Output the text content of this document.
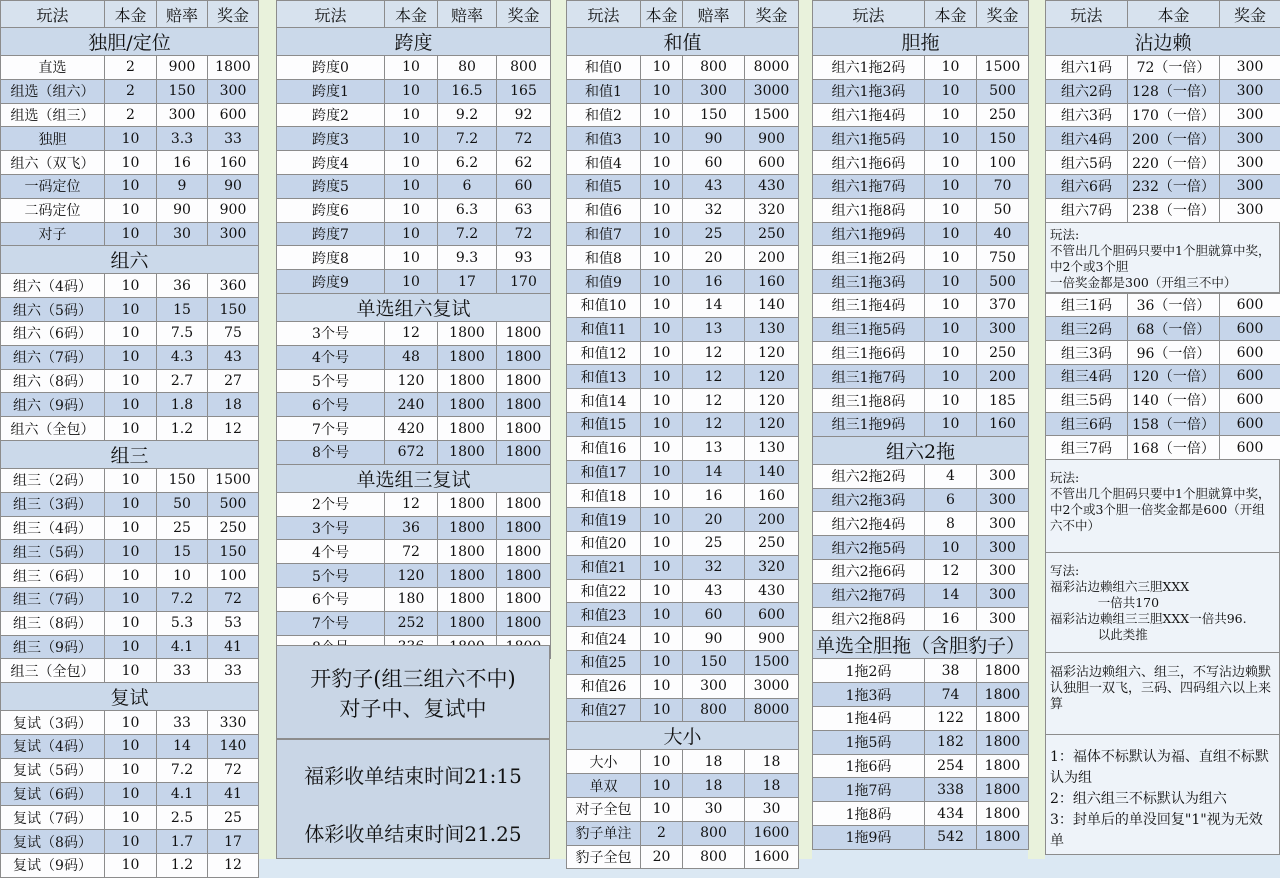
玩法	本金	赔率	奖金
独胆/定位			
直选	2	900	1800
组选（组六）	2	150	300
组选（组三）	2	300	600
独胆	10	3.3	33
组六（双飞）	10	16	160
一码定位	10	9	90
二码定位	10	90	900
对子	10	30	300
组六			
组六（4码）	10	36	360
组六（5码）	10	15	150
组六（6码）	10	7.5	75
组六（7码）	10	4.3	43
组六（8码）	10	2.7	27
组六（9码）	10	1.8	18
组六（全包）	10	1.2	12
组三			
组三（2码）	10	150	1500
组三（3码）	10	50	500
组三（4码）	10	25	250
组三（5码）	10	15	150
组三（6码）	10	10	100
组三（7码）	10	7.2	72
组三（8码）	10	5.3	53
组三（9码）	10	4.1	41
组三（全包）	10	33	33
复试			
复试（3码）	10	33	330
复试（4码）	10	14	140
复试（5码）	10	7.2	72
复试（6码）	10	4.1	41
复试（7码）	10	2.5	25
复试（8码）	10	1.7	17
复试（9码）	10	1.2	12
玩法	本金	赔率	奖金
跨度			
跨度0	10	80	800
跨度1	10	16.5	165
跨度2	10	9.2	92
跨度3	10	7.2	72
跨度4	10	6.2	62
跨度5	10	6	60
跨度6	10	6.3	63
跨度7	10	7.2	72
跨度8	10	9.3	93
跨度9	10	17	170
单选组六复试			
3个号	12	1800	1800
4个号	48	1800	1800
5个号	120	1800	1800
6个号	240	1800	1800
7个号	420	1800	1800
8个号	672	1800	1800
单选组三复试			
2个号	12	1800	1800
3个号	36	1800	1800
4个号	72	1800	1800
5个号	120	1800	1800
6个号	180	1800	1800
7个号	252	1800	1800

玩法	本金	赔率	奖金
和值			
和值0	10	800	8000
和值1	10	300	3000
和值2	10	150	1500
和值3	10	90	900
和值4	10	60	600
和值5	10	43	430
和值6	10	32	320
和值7	10	25	250
和值8	10	20	200
和值9	10	16	160
和值10	10	14	140
和值11	10	13	130
和值12	10	12	120
和值13	10	12	120
和值14	10	12	120
和值15	10	12	120
和值16	10	13	130
和值17	10	14	140
和值18	10	16	160
和值19	10	20	200
和值20	10	25	250
和值21	10	32	320
和值22	10	43	430
和值23	10	60	600
和值24	10	90	900
和值25	10	150	1500
和值26	10	300	3000
和值27	10	800	8000
大小			
大小	10	18	18
单双	10	18	18
对子全包	10	30	30
豹子单注	2	800	1600
豹子全包	20	800	1600
玩法	本金	奖金
胆拖		
组六1拖2码	10	1500
组六1拖3码	10	500
组六1拖4码	10	250
组六1拖5码	10	150
组六1拖6码	10	100
组六1拖7码	10	70
组六1拖8码	10	50
组六1拖9码	10	40
组三1拖2码	10	750
组三1拖3码	10	500
组三1拖4码	10	370
组三1拖5码	10	300
组三1拖6码	10	250
组三1拖7码	10	200
组三1拖8码	10	185
组三1拖9码	10	160
组六2拖		
组六2拖2码	4	300
组六2拖3码	6	300
组六2拖4码	8	300
组六2拖5码	10	300
组六2拖6码	12	300
组六2拖7码	14	300
组六2拖8码	16	300
单选全胆拖（含胆豹子）		
1拖2码	38	1800
1拖3码	74	1800
1拖4码	122	1800
1拖5码	182	1800
1拖6码	254	1800
1拖7码	338	1800
1拖8码	434	1800
1拖9码	542	1800
玩法	本金	奖金
沾边赖		
组六1码	72（一倍）	300
组六2码	128（一倍）	300
组六3码	170（一倍）	300
组六4码	200（一倍）	300
组六5码	220（一倍）	300
组六6码	232（一倍）	300
组六7码	238（一倍）	300
玩法:
不管出几个胆码只要中1个胆就算中奖，中2个或3个胆
一倍奖金都是300（开组三不中）
组三1码	36（一倍）	600
组三2码	68（一倍）	600
组三3码	96（一倍）	600
组三4码	120（一倍）	600
组三5码	140（一倍）	600
组三6码	158（一倍）	600
组三7码	168（一倍）	600
玩法:
不管出几个胆码只要中1个胆就算中奖，中2个或3个胆一倍奖金都是600（开组六不中）
写法:
福彩沾边赖组六三胆XXX
一倍共170
福彩沾边赖组三三胆XXX一倍共96.
以此类推
福彩沾边赖组六、组三，不写沾边赖默认独胆一双飞，三码、四码组六以上来算
1：福体不标默认为福、直组不标默认为组
2：组六组三不标默认为组六
3：封单后的单没回复"1"视为无效单
开豹子(组三组六不中)
对子中、复试中
福彩收单结束时间21:15
体彩收单结束时间21.25
